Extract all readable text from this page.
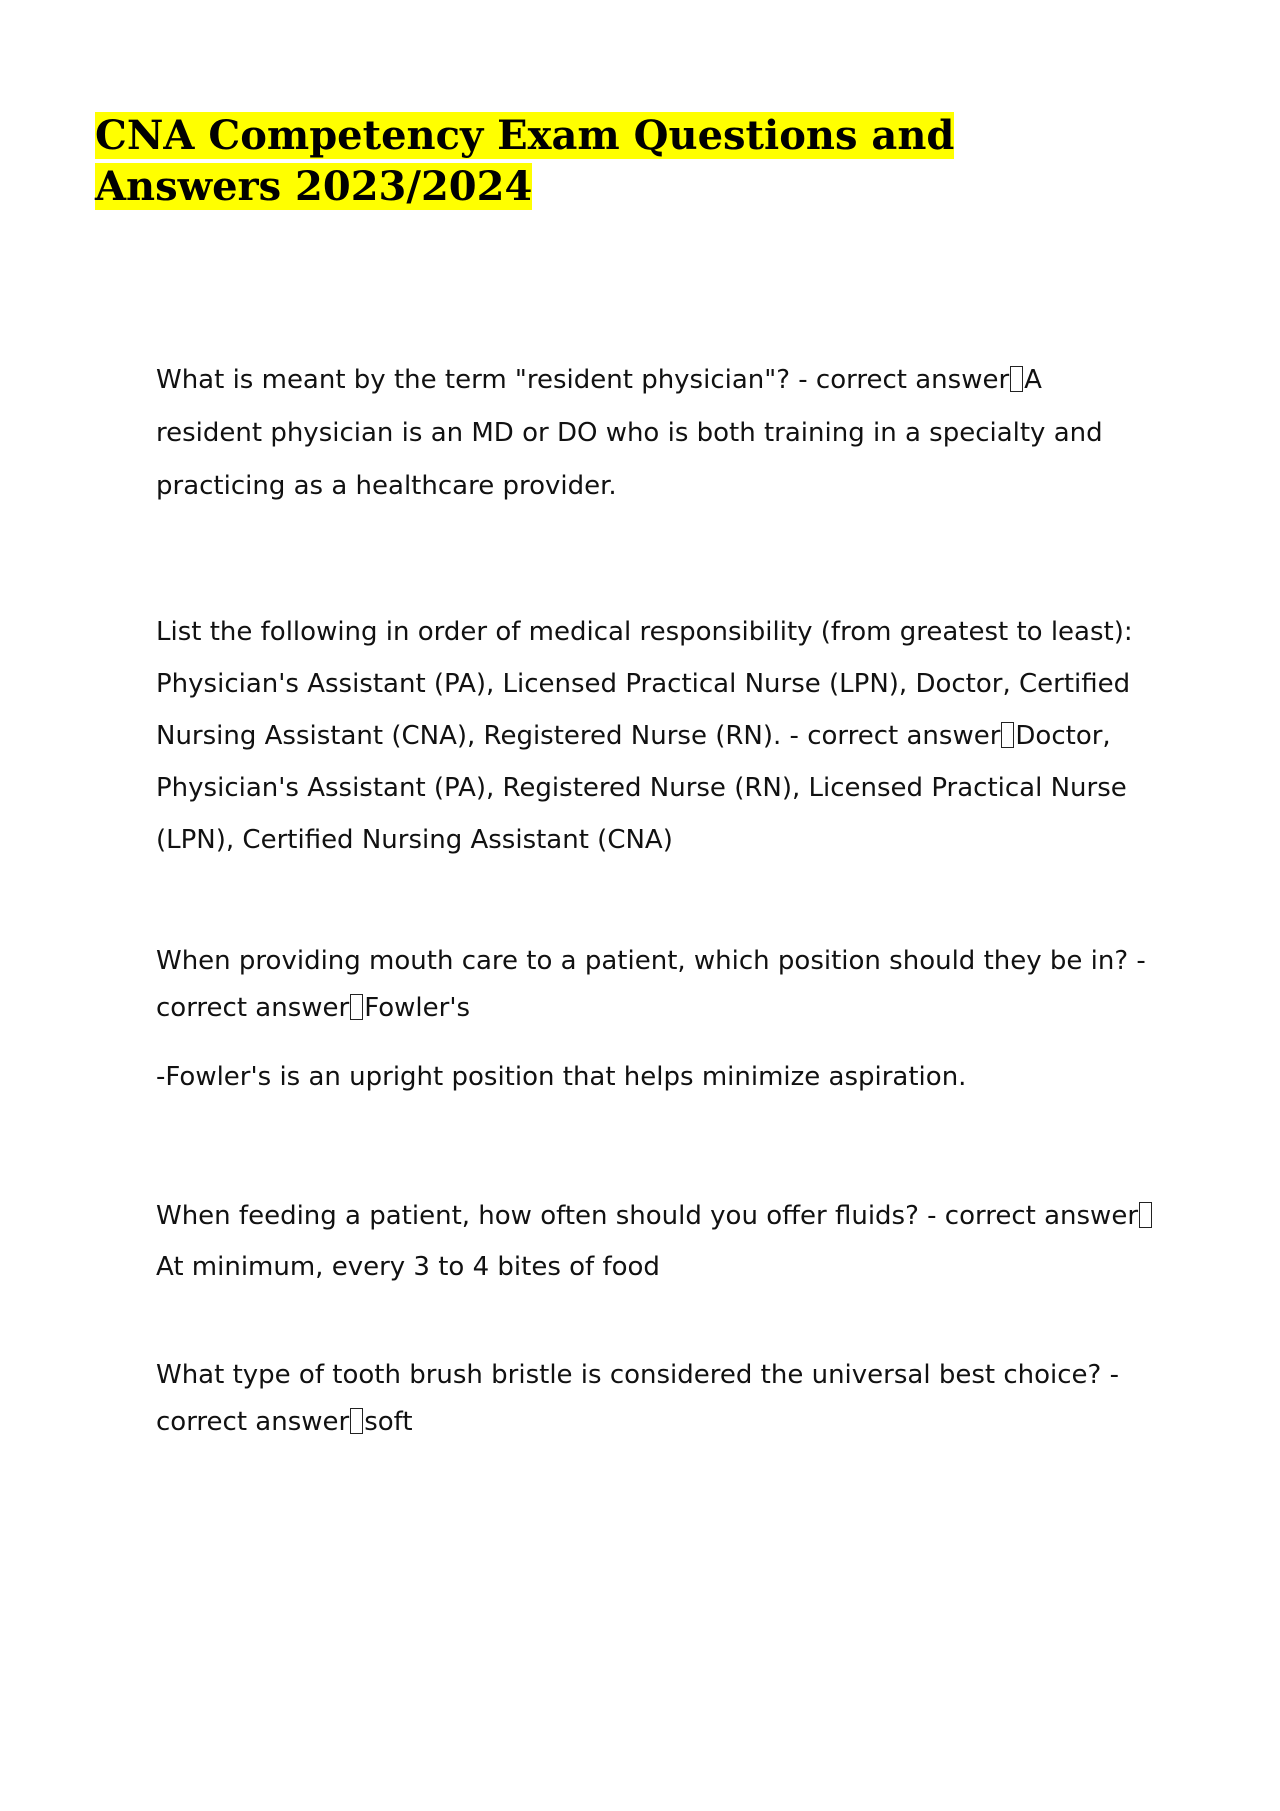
CNA Competency Exam Questions and Answers 2023/2024

What is meant by the term "resident physician"? - correct answer A resident physician is an MD or DO who is both training in a specialty and practicing as a healthcare provider.

List the following in order of medical responsibility (from greatest to least): Physician's Assistant (PA), Licensed Practical Nurse (LPN), Doctor, Certified Nursing Assistant (CNA), Registered Nurse (RN). - correct answer Doctor, Physician's Assistant (PA), Registered Nurse (RN), Licensed Practical Nurse (LPN), Certified Nursing Assistant (CNA)

When providing mouth care to a patient, which position should they be in? - correct answer Fowler's

-Fowler's is an upright position that helps minimize aspiration.

When feeding a patient, how often should you offer fluids? - correct answerAt minimum, every 3 to 4 bites of food

What type of tooth brush bristle is considered the universal best choice? - correct answer soft
